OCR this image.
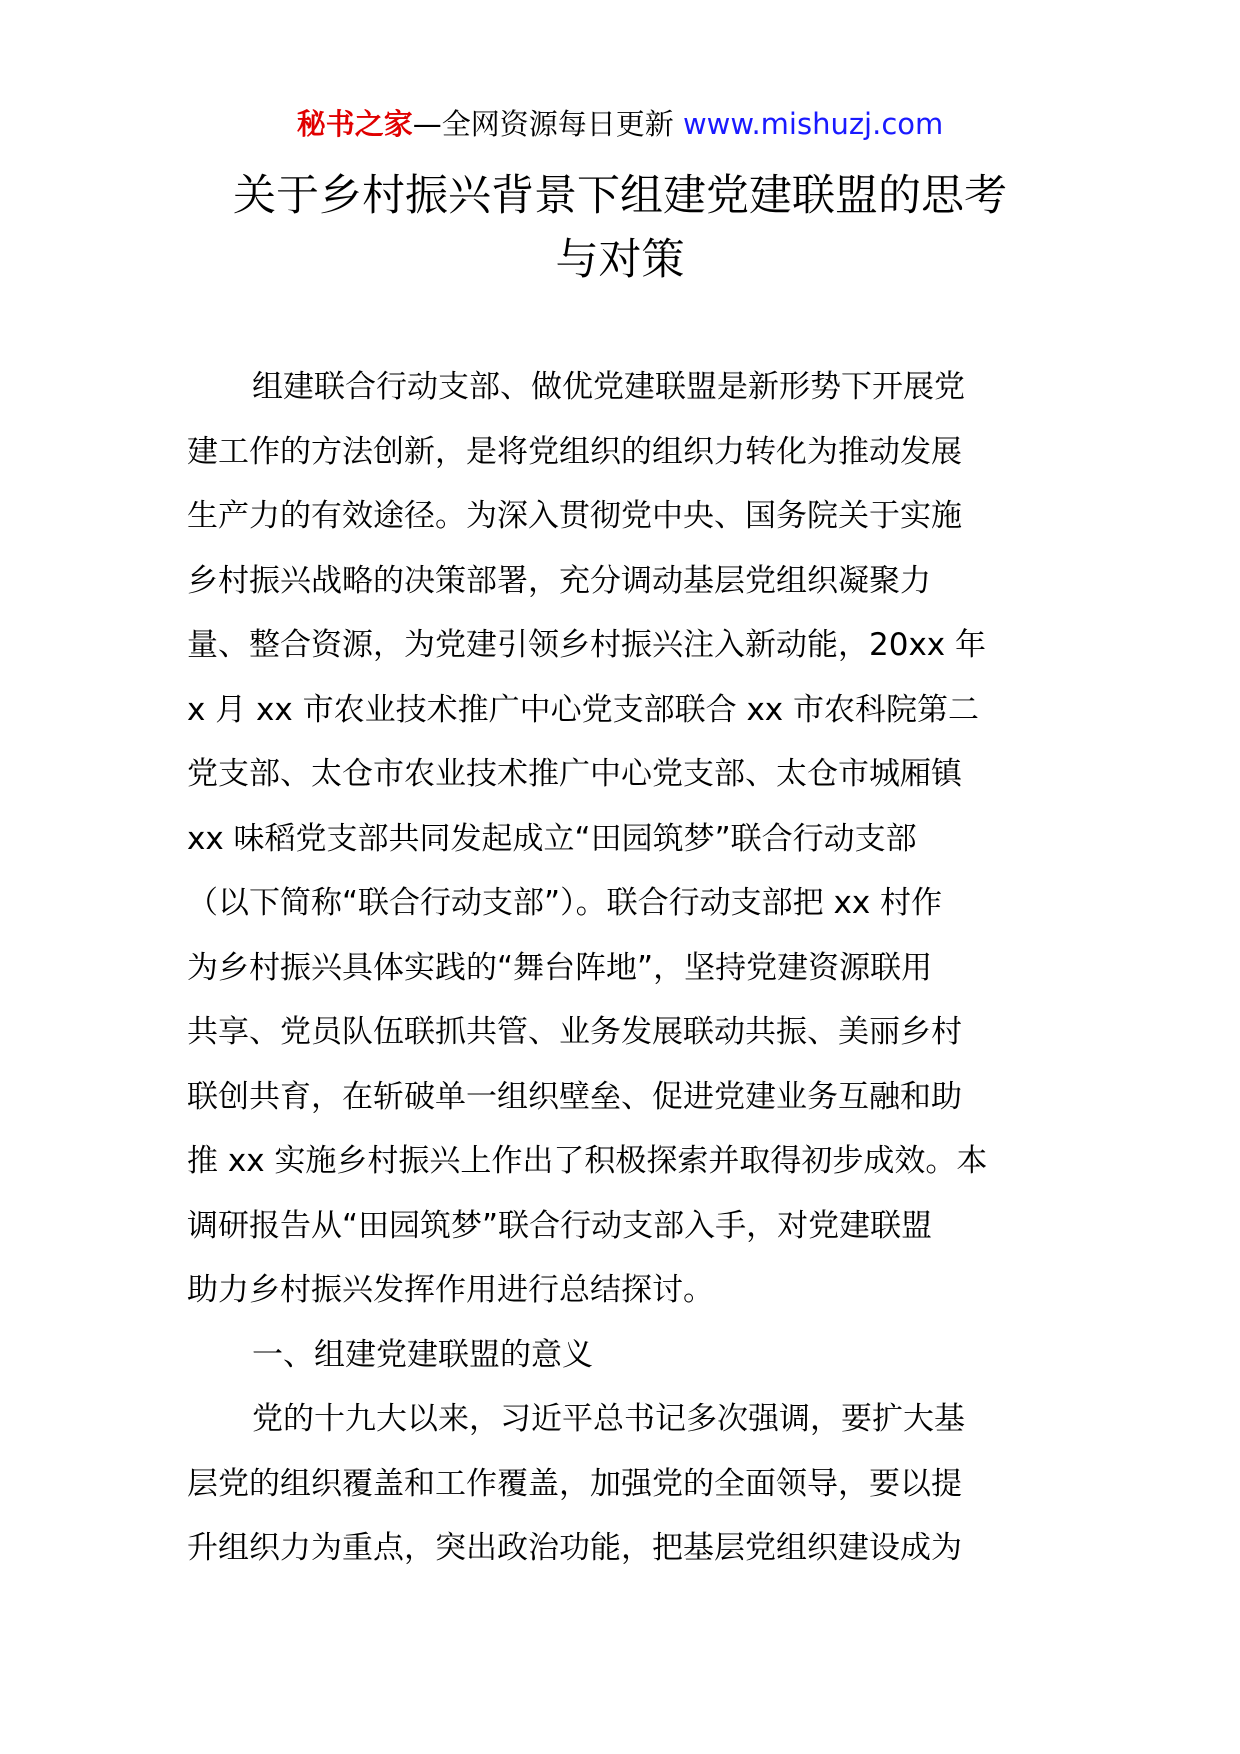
秘书之家—全网资源每日更新 www.mishuzj.com
关于乡村振兴背景下组建党建联盟的思考
与对策
组建联合行动支部、做优党建联盟是新形势下开展党
建工作的方法创新，是将党组织的组织力转化为推动发展
生产力的有效途径。为深入贯彻党中央、国务院关于实施
乡村振兴战略的决策部署，充分调动基层党组织凝聚力
量、整合资源，为党建引领乡村振兴注入新动能，20xx 年
x 月 xx 市农业技术推广中心党支部联合 xx 市农科院第二
党支部、太仓市农业技术推广中心党支部、太仓市城厢镇
xx 味稻党支部共同发起成立“田园筑梦”联合行动支部
（以下简称“联合行动支部”）。联合行动支部把 xx 村作
为乡村振兴具体实践的“舞台阵地”，坚持党建资源联用
共享、党员队伍联抓共管、业务发展联动共振、美丽乡村
联创共育，在斩破单一组织壁垒、促进党建业务互融和助
推 xx 实施乡村振兴上作出了积极探索并取得初步成效。本
调研报告从“田园筑梦”联合行动支部入手，对党建联盟
助力乡村振兴发挥作用进行总结探讨。
一、组建党建联盟的意义
党的十九大以来，习近平总书记多次强调，要扩大基
层党的组织覆盖和工作覆盖，加强党的全面领导，要以提
升组织力为重点，突出政治功能，把基层党组织建设成为
